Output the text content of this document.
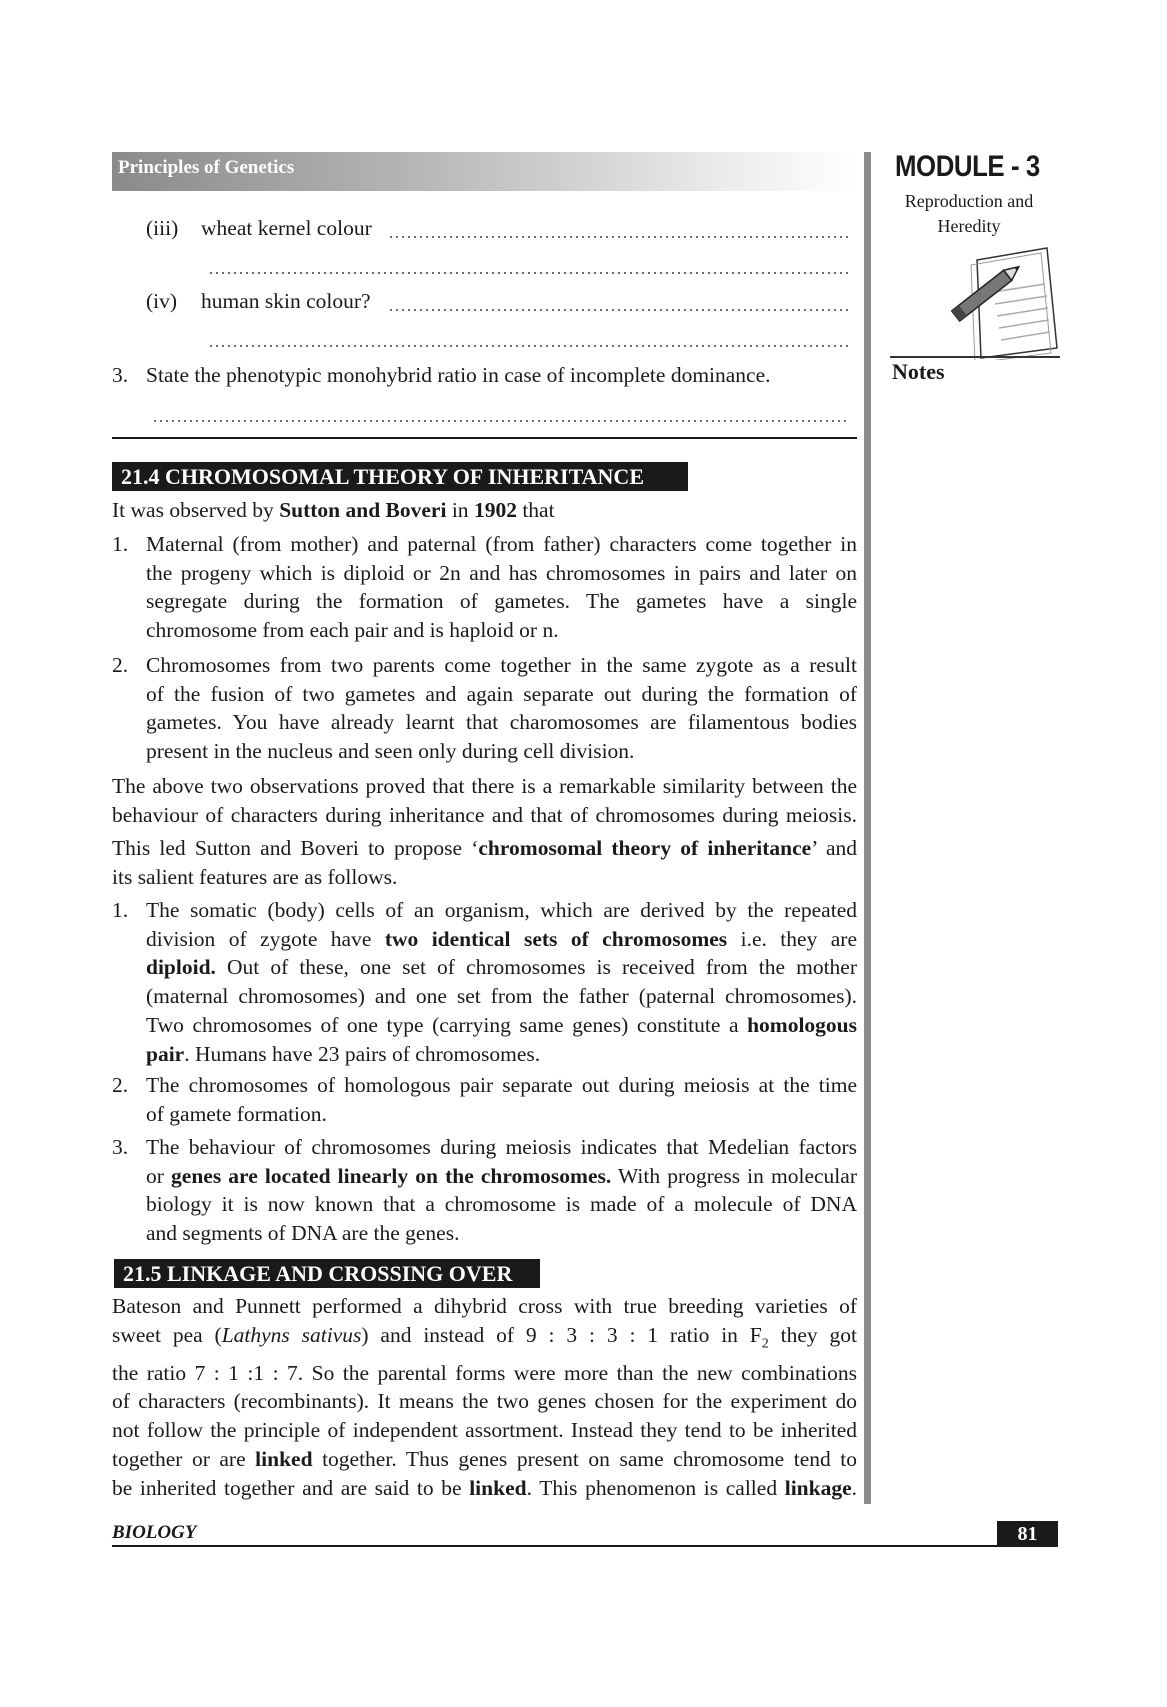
Principles of Genetics	MODULE - 3
Reproduction and
Heredity
Notes
(iii) wheat kernel colour
(iv) human skin colour?
3. State the phenotypic monohybrid ratio in case of incomplete dominance.
21.4 CHROMOSOMAL THEORY OF INHERITANCE
It was observed by Sutton and Boveri in 1902 that
1. Maternal (from mother) and paternal (from father) characters come together in
the progeny which is diploid or 2n and has chromosomes in pairs and later on
segregate during the formation of gametes. The gametes have a single
chromosome from each pair and is haploid or n.
2. Chromosomes from two parents come together in the same zygote as a result
of the fusion of two gametes and again separate out during the formation of
gametes. You have already learnt that charomosomes are filamentous bodies
present in the nucleus and seen only during cell division.
The above two observations proved that there is a remarkable similarity between the
behaviour of characters during inheritance and that of chromosomes during meiosis.
This led Sutton and Boveri to propose ‘chromosomal theory of inheritance’ and
its salient features are as follows.
1. The somatic (body) cells of an organism, which are derived by the repeated
division of zygote have two identical sets of chromosomes i.e. they are
diploid. Out of these, one set of chromosomes is received from the mother
(maternal chromosomes) and one set from the father (paternal chromosomes).
Two chromosomes of one type (carrying same genes) constitute a homologous
pair. Humans have 23 pairs of chromosomes.
2. The chromosomes of homologous pair separate out during meiosis at the time
of gamete formation.
3. The behaviour of chromosomes during meiosis indicates that Medelian factors
or genes are located linearly on the chromosomes. With progress in molecular
biology it is now known that a chromosome is made of a molecule of DNA
and segments of DNA are the genes.
21.5 LINKAGE AND CROSSING OVER
Bateson and Punnett performed a dihybrid cross with true breeding varieties of
sweet pea (Lathyns sativus) and instead of 9 : 3 : 3 : 1 ratio in $F_2$ they got
the ratio 7 : 1 :1 : 7. So the parental forms were more than the new combinations
of characters (recombinants). It means the two genes chosen for the experiment do
not follow the principle of independent assortment. Instead they tend to be inherited
together or are linked together. Thus genes present on same chromosome tend to
be inherited together and are said to be linked. This phenomenon is called linkage.
BIOLOGY	81
